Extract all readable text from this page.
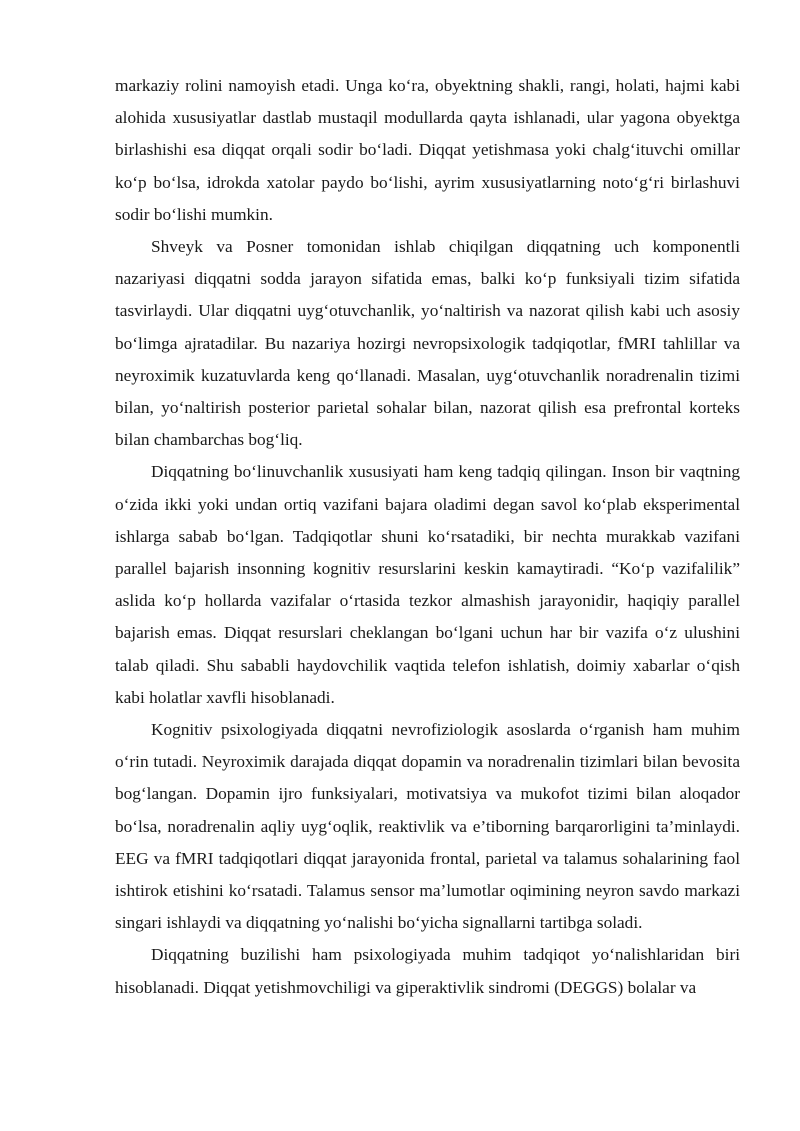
markaziy rolini namoyish etadi. Unga ko‘ra, obyektning shakli, rangi, holati, hajmi kabi alohida xususiyatlar dastlab mustaqil modullarda qayta ishlanadi, ular yagona obyektga birlashishi esa diqqat orqali sodir bo‘ladi. Diqqat yetishmasa yoki chalg‘ituvchi omillar ko‘p bo‘lsa, idrokda xatolar paydo bo‘lishi, ayrim xususiyatlarning noto‘g‘ri birlashuvi sodir bo‘lishi mumkin.

Shveyk va Posner tomonidan ishlab chiqilgan diqqatning uch komponentli nazariyasi diqqatni sodda jarayon sifatida emas, balki ko‘p funksiyali tizim sifatida tasvirlaydi. Ular diqqatni uyg‘otuvchanlik, yo‘naltirish va nazorat qilish kabi uch asosiy bo‘limga ajratadilar. Bu nazariya hozirgi nevropsixologik tadqiqotlar, fMRI tahlillar va neyroximik kuzatuvlarda keng qo‘llanadi. Masalan, uyg‘otuvchanlik noradrenalin tizimi bilan, yo‘naltirish posterior parietal sohalar bilan, nazorat qilish esa prefrontal korteks bilan chambarchas bog‘liq.

Diqqatning bo‘linuvchanlik xususiyati ham keng tadqiq qilingan. Inson bir vaqtning o‘zida ikki yoki undan ortiq vazifani bajara oladimi degan savol ko‘plab eksperimental ishlarga sabab bo‘lgan. Tadqiqotlar shuni ko‘rsatadiki, bir nechta murakkab vazifani parallel bajarish insonning kognitiv resurslarini keskin kamaytiradi. “Ko‘p vazifalilik” aslida ko‘p hollarda vazifalar o‘rtasida tezkor almashish jarayonidir, haqiqiy parallel bajarish emas. Diqqat resurslari cheklangan bo‘lgani uchun har bir vazifa o‘z ulushini talab qiladi. Shu sababli haydovchilik vaqtida telefon ishlatish, doimiy xabarlar o‘qish kabi holatlar xavfli hisoblanadi.

Kognitiv psixologiyada diqqatni nevrofiziologik asoslarda o‘rganish ham muhim o‘rin tutadi. Neyroximik darajada diqqat dopamin va noradrenalin tizimlari bilan bevosita bog‘langan. Dopamin ijro funksiyalari, motivatsiya va mukofot tizimi bilan aloqador bo‘lsa, noradrenalin aqliy uyg‘oqlik, reaktivlik va e’tiborning barqarorligini ta’minlaydi. EEG va fMRI tadqiqotlari diqqat jarayonida frontal, parietal va talamus sohalarining faol ishtirok etishini ko‘rsatadi. Talamus sensor ma’lumotlar oqimining neyron savdo markazi singari ishlaydi va diqqatning yo‘nalishi bo‘yicha signallarni tartibga soladi.

Diqqatning buzilishi ham psixologiyada muhim tadqiqot yo‘nalishlaridan biri hisoblanadi. Diqqat yetishmovchiligi va giperaktivlik sindromi (DEGGS) bolalar va
